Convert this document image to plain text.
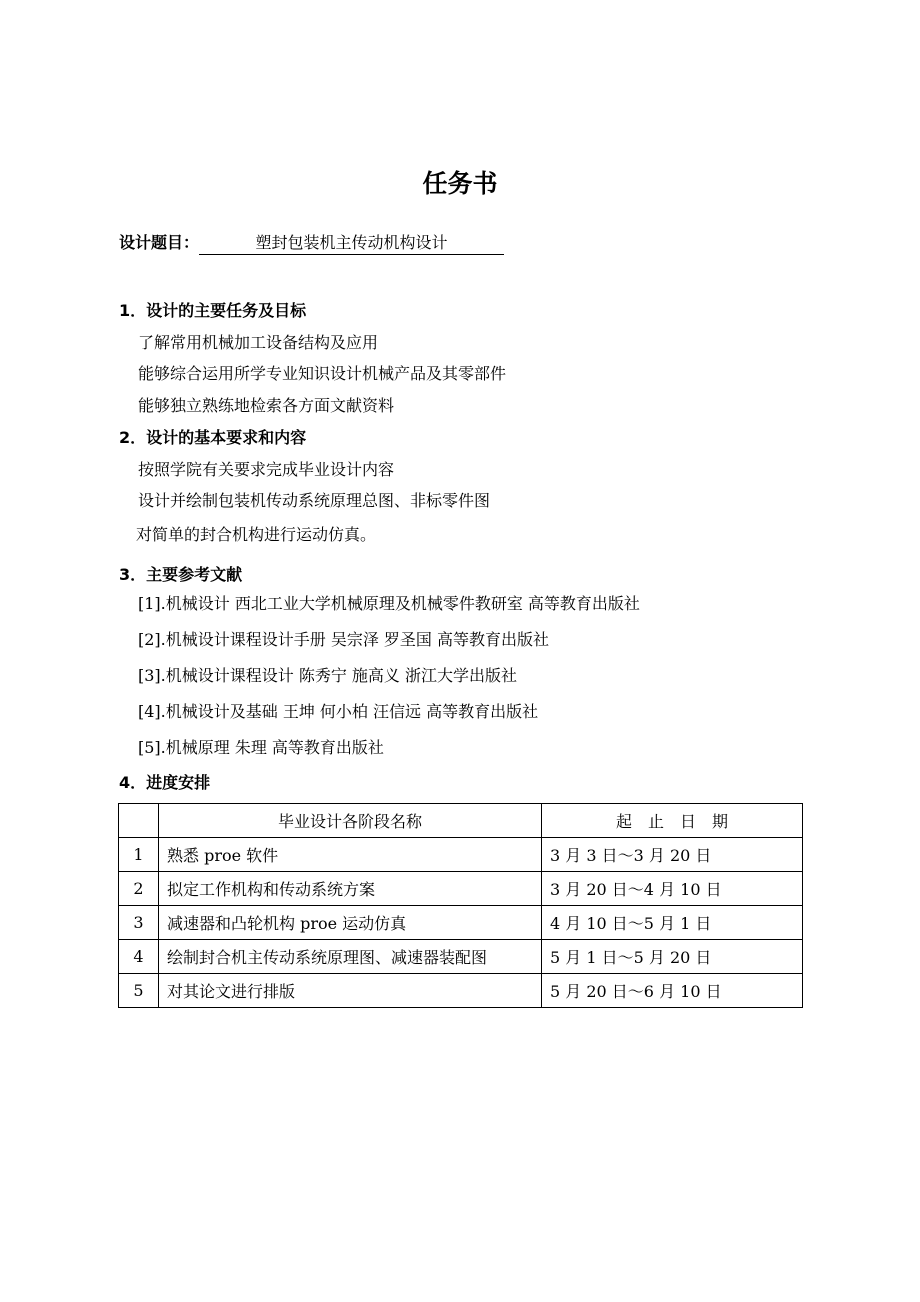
任务书
设计题目：	塑封包装机主传动机构设计
1．设计的主要任务及目标
了解常用机械加工设备结构及应用
能够综合运用所学专业知识设计机械产品及其零部件
能够独立熟练地检索各方面文献资料
2．设计的基本要求和内容
按照学院有关要求完成毕业设计内容
设计并绘制包装机传动系统原理总图、非标零件图
对简单的封合机构进行运动仿真。
3．主要参考文献
[1].机械设计 西北工业大学机械原理及机械零件教研室 高等教育出版社
[2].机械设计课程设计手册 吴宗泽 罗圣国 高等教育出版社
[3].机械设计课程设计 陈秀宁 施高义 浙江大学出版社
[4].机械设计及基础 王坤 何小柏 汪信远 高等教育出版社
[5].机械原理 朱理 高等教育出版社
4．进度安排
	毕业设计各阶段名称	起　止　日　期
1	熟悉 proe 软件	3 月 3 日～3 月 20 日
2	拟定工作机构和传动系统方案	3 月 20 日～4 月 10 日
3	减速器和凸轮机构 proe 运动仿真	4 月 10 日～5 月 1 日
4	绘制封合机主传动系统原理图、减速器装配图	5 月 1 日～5 月 20 日
5	对其论文进行排版	5 月 20 日～6 月 10 日
